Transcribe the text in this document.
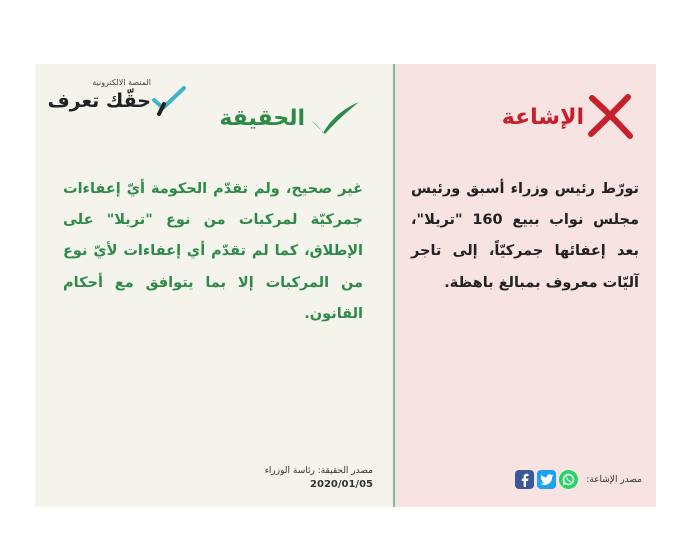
المنصة الالكترونية
حقّك تعرف
الحقيقة
غير صحيح، ولم تقدّم الحكومة أيّ إعفاءات جمركيّة لمركبات من نوع "تريلا" على الإطلاق، كما لم تقدّم أي إعفاءات لأيّ نوع من المركبات إلا بما يتوافق مع أحكام القانون.
مصدر الحقيقة: رئاسة الوزراء
2020/01/05
الإشاعة
تورّط رئيس وزراء أسبق ورئيس مجلس نواب ببيع 160 "تريلا"، بعد إعفائها جمركيّاً، إلى تاجر آليّات معروف بمبالغ باهظة.
مصدر الإشاعة:
